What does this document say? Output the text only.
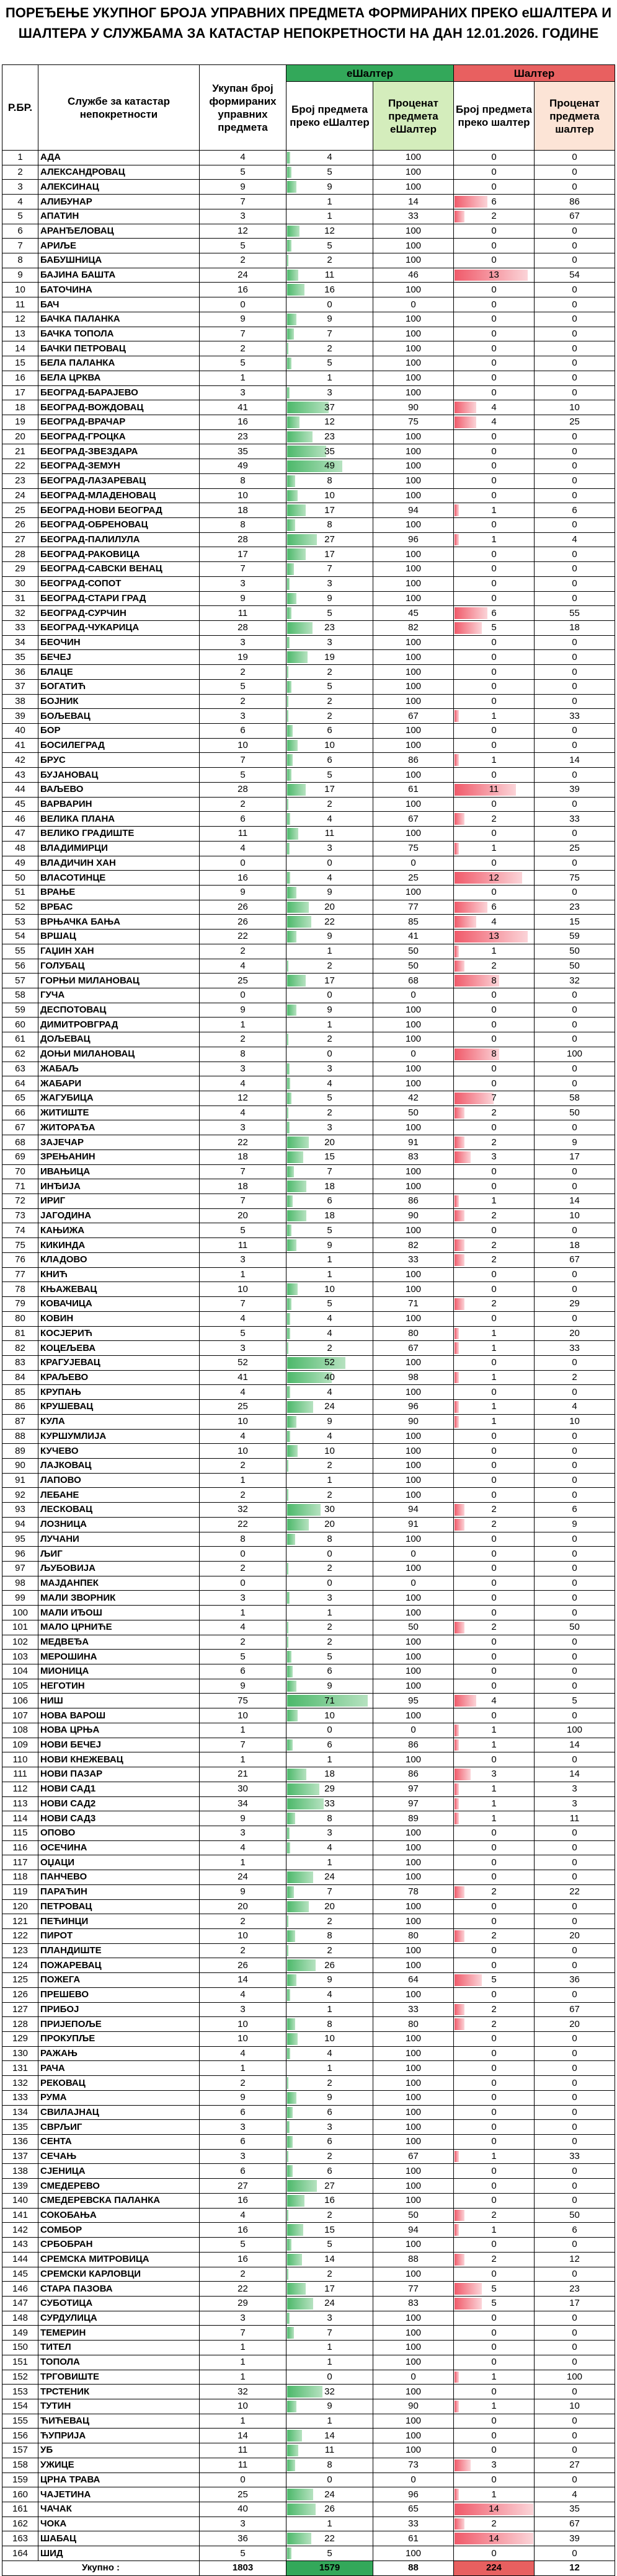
ПОРЕЂЕЊЕ УКУПНОГ БРОЈА УПРАВНИХ ПРЕДМЕТА ФОРМИРАНИХ ПРЕКО еШАЛТЕРА И
ШАЛТЕРА У СЛУЖБАМА ЗА КАТАСТАР НЕПОКРЕТНОСТИ НА ДАН 12.01.2026. ГОДИНЕ
Р.БР.	Службе за катастар непокретности	Укупан број формираних управних предмета	еШалтер		Шалтер	
			Број предмета преко еШалтер	Проценат предмета еШалтер	Број предмета преко шалтер	Проценат предмета шалтер
1	АДА	4	4	100	0	0
2	АЛЕКСАНДРОВАЦ	5	5	100	0	0
3	АЛЕКСИНАЦ	9	9	100	0	0
4	АЛИБУНАР	7	1	14	6	86
5	АПАТИН	3	1	33	2	67
6	АРАНЂЕЛОВАЦ	12	12	100	0	0
7	АРИЉЕ	5	5	100	0	0
8	БАБУШНИЦА	2	2	100	0	0
9	БАЈИНА БАШТА	24	11	46	13	54
10	БАТОЧИНА	16	16	100	0	0
11	БАЧ	0	0	0	0	0
12	БАЧКА ПАЛАНКА	9	9	100	0	0
13	БАЧКА ТОПОЛА	7	7	100	0	0
14	БАЧКИ ПЕТРОВАЦ	2	2	100	0	0
15	БЕЛА ПАЛАНКА	5	5	100	0	0
16	БЕЛА ЦРКВА	1	1	100	0	0
17	БЕОГРАД-БАРАЈЕВО	3	3	100	0	0
18	БЕОГРАД-ВОЖДОВАЦ	41	37	90	4	10
19	БЕОГРАД-ВРАЧАР	16	12	75	4	25
20	БЕОГРАД-ГРОЦКА	23	23	100	0	0
21	БЕОГРАД-ЗВЕЗДАРА	35	35	100	0	0
22	БЕОГРАД-ЗЕМУН	49	49	100	0	0
23	БЕОГРАД-ЛАЗАРЕВАЦ	8	8	100	0	0
24	БЕОГРАД-МЛАДЕНОВАЦ	10	10	100	0	0
25	БЕОГРАД-НОВИ БЕОГРАД	18	17	94	1	6
26	БЕОГРАД-ОБРЕНОВАЦ	8	8	100	0	0
27	БЕОГРАД-ПАЛИЛУЛА	28	27	96	1	4
28	БЕОГРАД-РАКОВИЦА	17	17	100	0	0
29	БЕОГРАД-САВСКИ ВЕНАЦ	7	7	100	0	0
30	БЕОГРАД-СОПОТ	3	3	100	0	0
31	БЕОГРАД-СТАРИ ГРАД	9	9	100	0	0
32	БЕОГРАД-СУРЧИН	11	5	45	6	55
33	БЕОГРАД-ЧУКАРИЦА	28	23	82	5	18
34	БЕОЧИН	3	3	100	0	0
35	БЕЧЕЈ	19	19	100	0	0
36	БЛАЦЕ	2	2	100	0	0
37	БОГАТИЋ	5	5	100	0	0
38	БОЈНИК	2	2	100	0	0
39	БОЉЕВАЦ	3	2	67	1	33
40	БОР	6	6	100	0	0
41	БОСИЛЕГРАД	10	10	100	0	0
42	БРУС	7	6	86	1	14
43	БУЈАНОВАЦ	5	5	100	0	0
44	ВАЉЕВО	28	17	61	11	39
45	ВАРВАРИН	2	2	100	0	0
46	ВЕЛИКА ПЛАНА	6	4	67	2	33
47	ВЕЛИКО ГРАДИШТЕ	11	11	100	0	0
48	ВЛАДИМИРЦИ	4	3	75	1	25
49	ВЛАДИЧИН ХАН	0	0	0	0	0
50	ВЛАСОТИНЦЕ	16	4	25	12	75
51	ВРАЊЕ	9	9	100	0	0
52	ВРБАС	26	20	77	6	23
53	ВРЊАЧКА БАЊА	26	22	85	4	15
54	ВРШАЦ	22	9	41	13	59
55	ГАЏИН ХАН	2	1	50	1	50
56	ГОЛУБАЦ	4	2	50	2	50
57	ГОРЊИ МИЛАНОВАЦ	25	17	68	8	32
58	ГУЧА	0	0	0	0	0
59	ДЕСПОТОВАЦ	9	9	100	0	0
60	ДИМИТРОВГРАД	1	1	100	0	0
61	ДОЉЕВАЦ	2	2	100	0	0
62	ДОЊИ МИЛАНОВАЦ	8	0	0	8	100
63	ЖАБАЉ	3	3	100	0	0
64	ЖАБАРИ	4	4	100	0	0
65	ЖАГУБИЦА	12	5	42	7	58
66	ЖИТИШТЕ	4	2	50	2	50
67	ЖИТОРАЂА	3	3	100	0	0
68	ЗАЈЕЧАР	22	20	91	2	9
69	ЗРЕЊАНИН	18	15	83	3	17
70	ИВАЊИЦА	7	7	100	0	0
71	ИНЂИЈА	18	18	100	0	0
72	ИРИГ	7	6	86	1	14
73	ЈАГОДИНА	20	18	90	2	10
74	КАЊИЖА	5	5	100	0	0
75	КИКИНДА	11	9	82	2	18
76	КЛАДОВО	3	1	33	2	67
77	КНИЋ	1	1	100	0	0
78	КЊАЖЕВАЦ	10	10	100	0	0
79	КОВАЧИЦА	7	5	71	2	29
80	КОВИН	4	4	100	0	0
81	КОСЈЕРИЋ	5	4	80	1	20
82	КОЦЕЉЕВА	3	2	67	1	33
83	КРАГУЈЕВАЦ	52	52	100	0	0
84	КРАЉЕВО	41	40	98	1	2
85	КРУПАЊ	4	4	100	0	0
86	КРУШЕВАЦ	25	24	96	1	4
87	КУЛА	10	9	90	1	10
88	КУРШУМЛИЈА	4	4	100	0	0
89	КУЧЕВО	10	10	100	0	0
90	ЛАЈКОВАЦ	2	2	100	0	0
91	ЛАПОВО	1	1	100	0	0
92	ЛЕБАНЕ	2	2	100	0	0
93	ЛЕСКОВАЦ	32	30	94	2	6
94	ЛОЗНИЦА	22	20	91	2	9
95	ЛУЧАНИ	8	8	100	0	0
96	ЉИГ	0	0	0	0	0
97	ЉУБОВИЈА	2	2	100	0	0
98	МАЈДАНПЕК	0	0	0	0	0
99	МАЛИ ЗВОРНИК	3	3	100	0	0
100	МАЛИ ИЂОШ	1	1	100	0	0
101	МАЛО ЦРНИЋЕ	4	2	50	2	50
102	МЕДВЕЂА	2	2	100	0	0
103	МЕРОШИНА	5	5	100	0	0
104	МИОНИЦА	6	6	100	0	0
105	НЕГОТИН	9	9	100	0	0
106	НИШ	75	71	95	4	5
107	НОВА ВАРОШ	10	10	100	0	0
108	НОВА ЦРЊА	1	0	0	1	100
109	НОВИ БЕЧЕЈ	7	6	86	1	14
110	НОВИ КНЕЖЕВАЦ	1	1	100	0	0
111	НОВИ ПАЗАР	21	18	86	3	14
112	НОВИ САД1	30	29	97	1	3
113	НОВИ САД2	34	33	97	1	3
114	НОВИ САД3	9	8	89	1	11
115	ОПОВО	3	3	100	0	0
116	ОСЕЧИНА	4	4	100	0	0
117	ОЏАЦИ	1	1	100	0	0
118	ПАНЧЕВО	24	24	100	0	0
119	ПАРАЋИН	9	7	78	2	22
120	ПЕТРОВАЦ	20	20	100	0	0
121	ПЕЋИНЦИ	2	2	100	0	0
122	ПИРОТ	10	8	80	2	20
123	ПЛАНДИШТЕ	2	2	100	0	0
124	ПОЖАРЕВАЦ	26	26	100	0	0
125	ПОЖЕГА	14	9	64	5	36
126	ПРЕШЕВО	4	4	100	0	0
127	ПРИБОЈ	3	1	33	2	67
128	ПРИЈЕПОЉЕ	10	8	80	2	20
129	ПРОКУПЉЕ	10	10	100	0	0
130	РАЖАЊ	4	4	100	0	0
131	РАЧА	1	1	100	0	0
132	РЕКОВАЦ	2	2	100	0	0
133	РУМА	9	9	100	0	0
134	СВИЛАЈНАЦ	6	6	100	0	0
135	СВРЉИГ	3	3	100	0	0
136	СЕНТА	6	6	100	0	0
137	СЕЧАЊ	3	2	67	1	33
138	СЈЕНИЦА	6	6	100	0	0
139	СМЕДЕРЕВО	27	27	100	0	0
140	СМЕДЕРЕВСКА ПАЛАНКА	16	16	100	0	0
141	СОКОБАЊА	4	2	50	2	50
142	СОМБОР	16	15	94	1	6
143	СРБОБРАН	5	5	100	0	0
144	СРЕМСКА МИТРОВИЦА	16	14	88	2	12
145	СРЕМСКИ КАРЛОВЦИ	2	2	100	0	0
146	СТАРА ПАЗОВА	22	17	77	5	23
147	СУБОТИЦА	29	24	83	5	17
148	СУРДУЛИЦА	3	3	100	0	0
149	ТЕМЕРИН	7	7	100	0	0
150	ТИТЕЛ	1	1	100	0	0
151	ТОПОЛА	1	1	100	0	0
152	ТРГОВИШТЕ	1	0	0	1	100
153	ТРСТЕНИК	32	32	100	0	0
154	ТУТИН	10	9	90	1	10
155	ЋИЋЕВАЦ	1	1	100	0	0
156	ЋУПРИЈА	14	14	100	0	0
157	УБ	11	11	100	0	0
158	УЖИЦЕ	11	8	73	3	27
159	ЦРНА ТРАВА	0	0	0	0	0
160	ЧАЈЕТИНА	25	24	96	1	4
161	ЧАЧАК	40	26	65	14	35
162	ЧОКА	3	1	33	2	67
163	ШАБАЦ	36	22	61	14	39
164	ШИД	5	5	100	0	0
Укупно :		1803	1579	88	224	12
